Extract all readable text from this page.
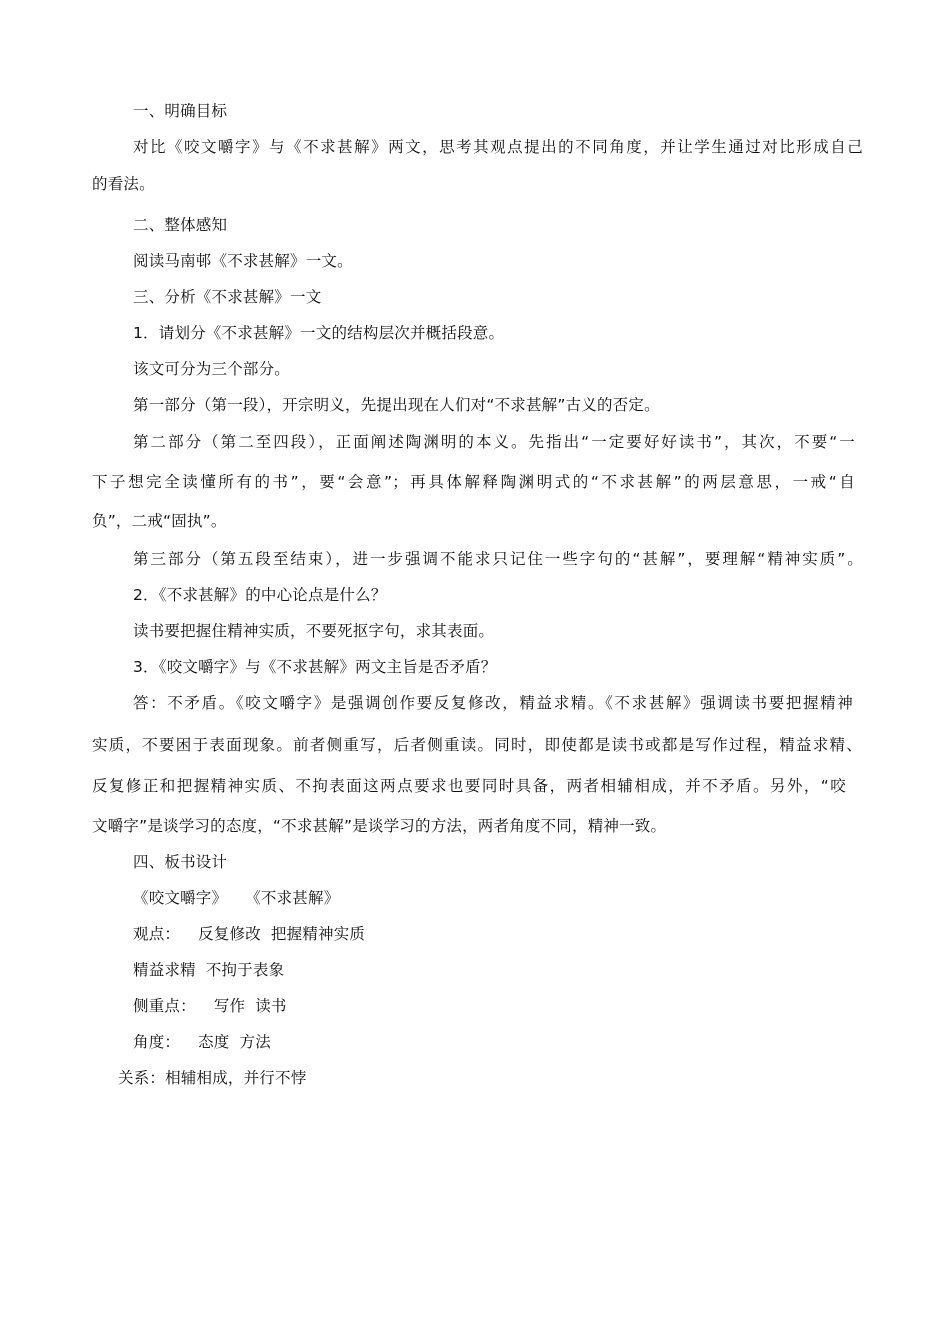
一、明确目标
对比《咬文嚼字》与《不求甚解》两文，思考其观点提出的不同角度，并让学生通过对比形成自己
的看法。
二、整体感知
阅读马南邨《不求甚解》一文。
三、分析《不求甚解》一文
1．请划分《不求甚解》一文的结构层次并概括段意。
该文可分为三个部分。
第一部分（第一段），开宗明义，先提出现在人们对“不求甚解”古义的否定。
第二部分（第二至四段），正面阐述陶渊明的本义。先指出“一定要好好读书”，其次，不要“一
下子想完全读懂所有的书”，要“会意”；再具体解释陶渊明式的“不求甚解”的两层意思，一戒“自
负”，二戒“固执”。
第三部分（第五段至结束），进一步强调不能求只记住一些字句的“甚解”，要理解“精神实质”。
2．《不求甚解》的中心论点是什么？
读书要把握住精神实质，不要死抠字句，求其表面。
3．《咬文嚼字》与《不求甚解》两文主旨是否矛盾？
答：不矛盾。《咬文嚼字》是强调创作要反复修改，精益求精。《不求甚解》强调读书要把握精神
实质，不要困于表面现象。前者侧重写，后者侧重读。同时，即使都是读书或都是写作过程，精益求精、
反复修正和把握精神实质、不拘表面这两点要求也要同时具备，两者相辅相成，并不矛盾。另外，“咬
文嚼字”是谈学习的态度，“不求甚解”是谈学习的方法，两者角度不同，精神一致。
四、板书设计
《咬文嚼字》 《不求甚解》
观点： 反复修改 把握精神实质
精益求精 不拘于表象
侧重点： 写作 读书
角度： 态度 方法
关系：相辅相成，并行不悖
